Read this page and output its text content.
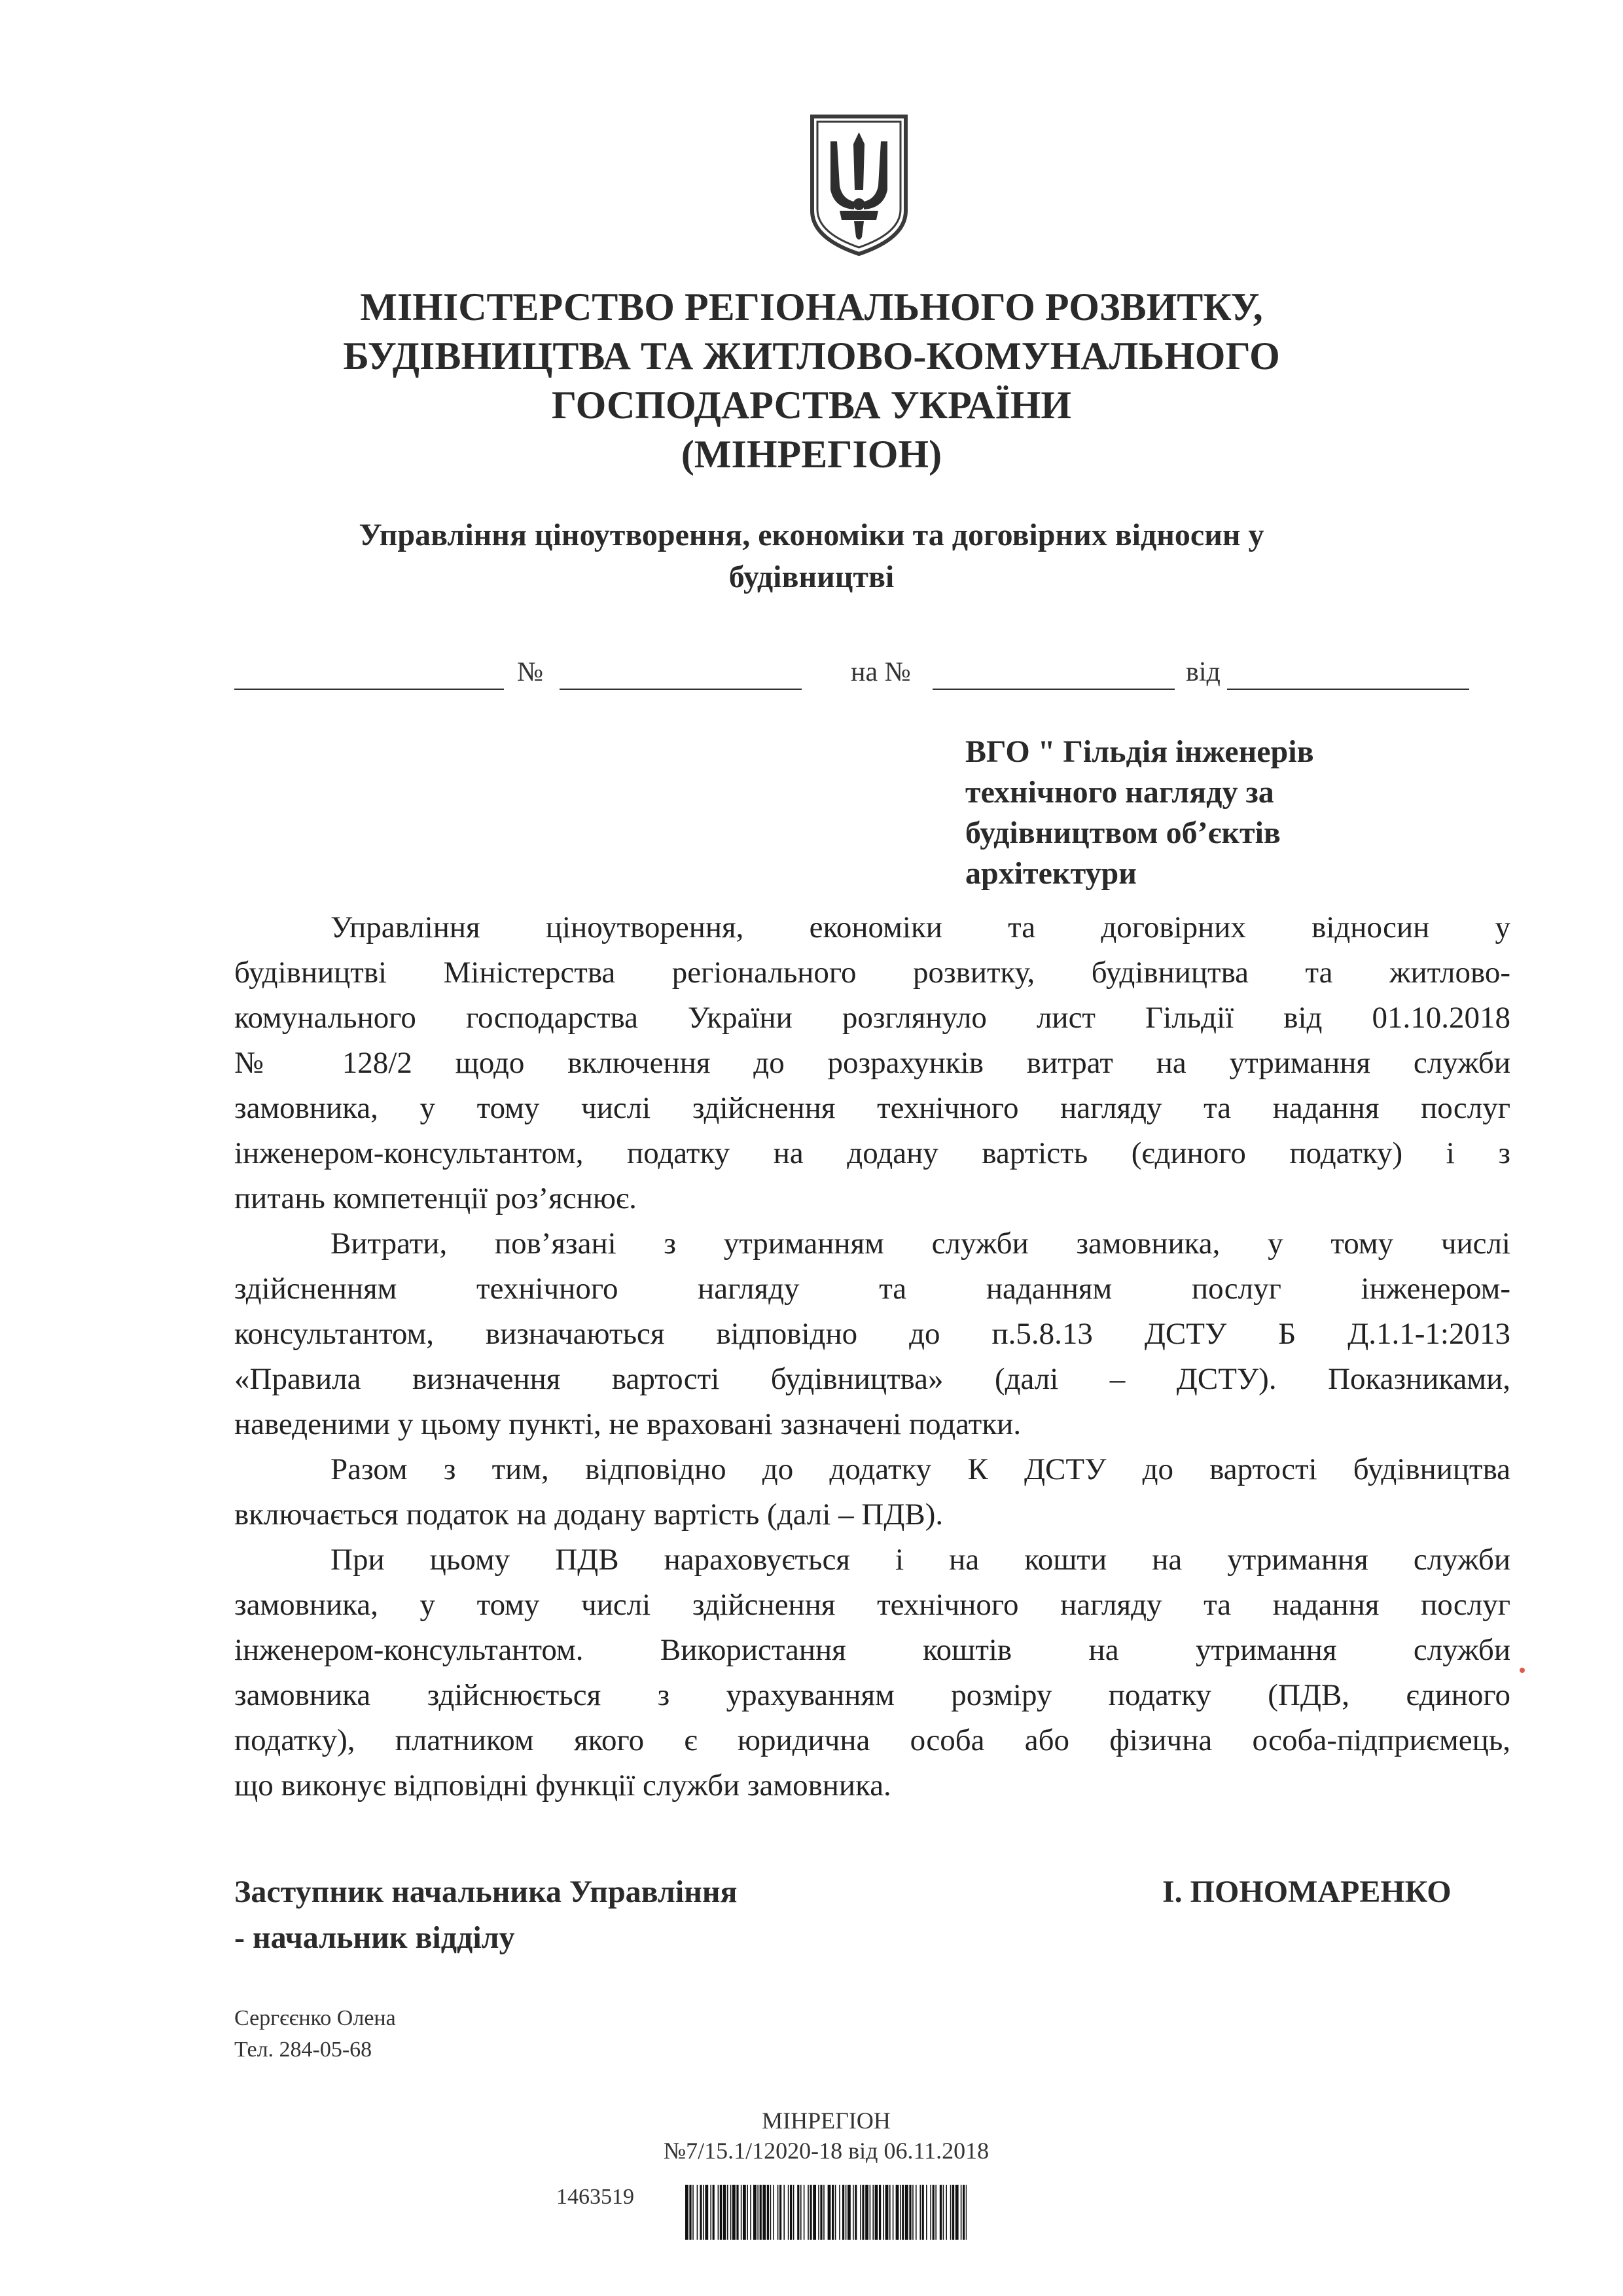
МІНІСТЕРСТВО РЕГІОНАЛЬНОГО РОЗВИТКУ,
БУДІВНИЦТВА ТА ЖИТЛОВО-КОМУНАЛЬНОГО
ГОСПОДАРСТВА УКРАЇНИ
(МІНРЕГІОН)
Управління ціноутворення, економіки та договірних відносин у
будівництві
№	на №	від
ВГО " Гільдія інженерів
технічного нагляду за
будівництвом об’єктів
архітектури
Управління ціноутворення, економіки та договірних відносин у
будівництві Міністерства регіонального розвитку, будівництва та житлово-
комунального господарства України розглянуло лист Гільдії від 01.10.2018
№ 128/2 щодо включення до розрахунків витрат на утримання служби
замовника, у тому числі здійснення технічного нагляду та надання послуг
інженером-консультантом, податку на додану вартість (єдиного податку) і з
питань компетенції роз’яснює.
Витрати, пов’язані з утриманням служби замовника, у тому числі
здійсненням технічного нагляду та наданням послуг інженером-
консультантом, визначаються відповідно до п.5.8.13 ДСТУ Б Д.1.1-1:2013
«Правила визначення вартості будівництва» (далі – ДСТУ). Показниками,
наведеними у цьому пункті, не враховані зазначені податки.
Разом з тим, відповідно до додатку К ДСТУ до вартості будівництва
включається податок на додану вартість (далі – ПДВ).
При цьому ПДВ нараховується і на кошти на утримання служби
замовника, у тому числі здійснення технічного нагляду та надання послуг
інженером-консультантом. Використання коштів на утримання служби
замовника здійснюється з урахуванням розміру податку (ПДВ, єдиного
податку), платником якого є юридична особа або фізична особа-підприємець,
що виконує відповідні функції служби замовника.
Заступник начальника Управління
- начальник відділу
І. ПОНОМАРЕНКО
Сергєєнко Олена
Тел. 284-05-68
МІНРЕГІОН
№7/15.1/12020-18 від 06.11.2018
1463519
